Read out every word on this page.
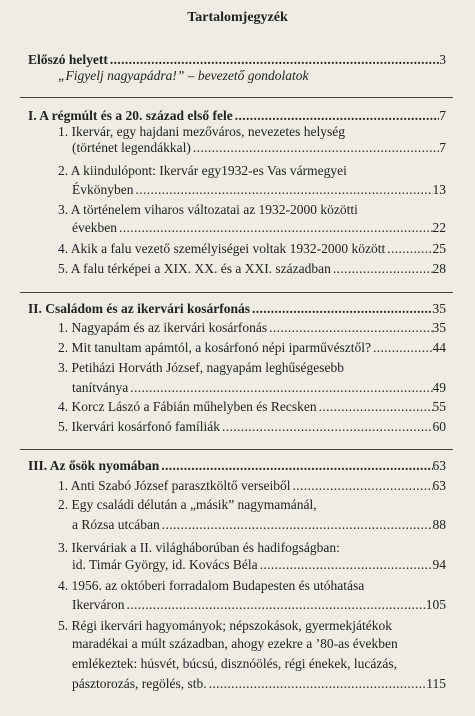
Tartalomjegyzék
Előszó helyett . . .	3
„Figyelj nagyapádra!” – bevezető gondolatok
I. A régmúlt és a 20. század első fele . . .	7
1. Ikervár, egy hajdani mezőváros, nevezetes helység
(történet legendákkal) . . .	7
2. A kiindulópont: Ikervár egy1932-es Vas vármegyei
Évkönyben . . .	13
3. A történelem viharos változatai az 1932-2000 közötti
években . . .	22
4. Akik a falu vezető személyiségei voltak 1932-2000 között . . .	25
5. A falu térképei a XIX. XX. és a XXI. században . . .	28
II. Családom és az ikervári kosárfonás . . .	35
1. Nagyapám és az ikervári kosárfonás . . .	35
2. Mit tanultam apámtól, a kosárfonó népi iparművésztől? . . .	44
3. Petiházi Horváth József, nagyapám leghűségesebb
tanítványa . . .	49
4. Korcz Lászó a Fábián műhelyben és Recsken . . .	55
5. Ikervári kosárfonó famíliák . . .	60
III. Az ősök nyomában . . .	63
1. Anti Szabó József parasztköltő verseiből . . .	63
2. Egy családi délután a „másik” nagymamánál,
a Rózsa utcában . . .	88
3. Ikerváriak a II. világháborúban és hadifogságban:
id. Timár György, id. Kovács Béla . . .	94
4. 1956. az októberi forradalom Budapesten és utóhatása
Ikerváron . . .	105
5. Régi ikervári hagyományok; népszokások, gyermekjátékok
maradékai a múlt században, ahogy ezekre a ’80-as években
emlékeztek: húsvét, búcsú, disznóölés, régi énekek, lucázás,
pásztorozás, regölés, stb. . . .	115
